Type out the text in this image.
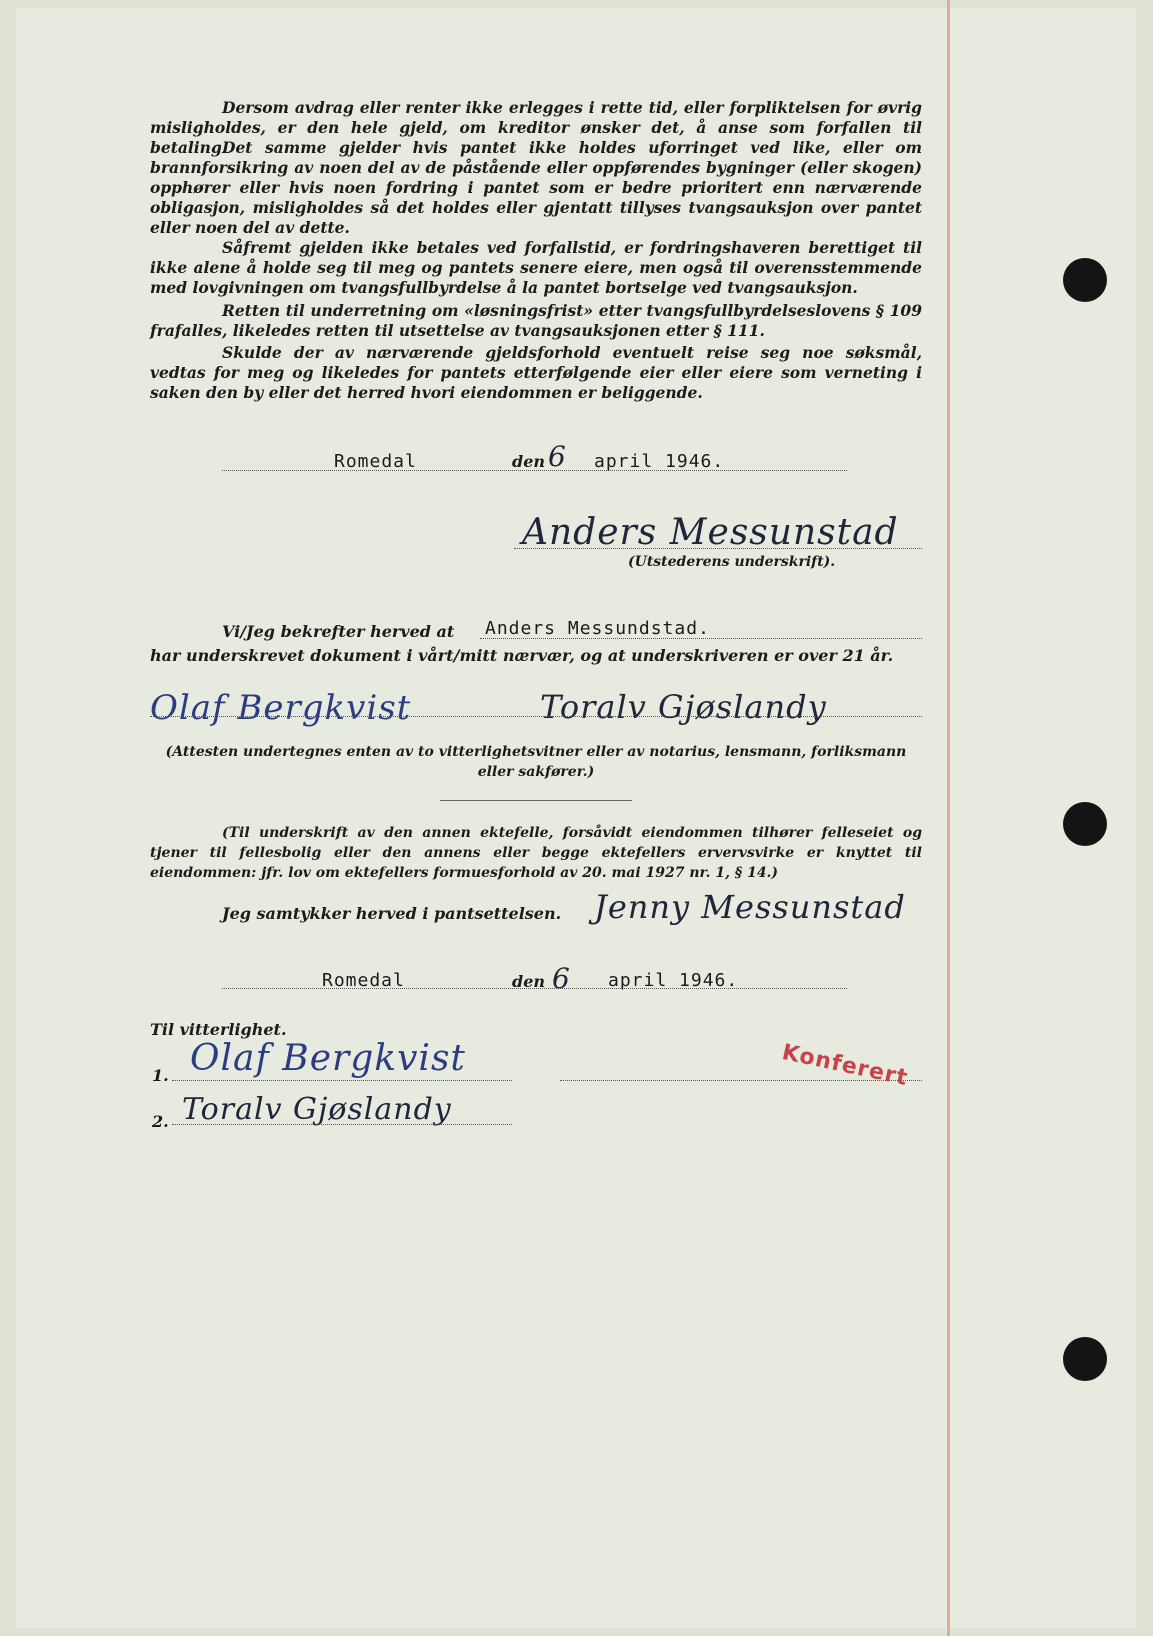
Dersom avdrag eller renter ikke erlegges i rette tid, eller forpliktelsen for øvrig misligholdes, er den hele gjeld, om kreditor ønsker det, å anse som forfallen til betaling.

Det samme gjelder hvis pantet ikke holdes uforringet ved like, eller om brannforsikring av noen del av de påstående eller oppførendes bygninger (eller skogen) opphører eller hvis noen fordring i pantet som er bedre prioritert enn nærværende obligasjon, misligholdes så det holdes eller gjentatt tillyses tvangsauksjon over pantet eller noen del av dette.

Såfremt gjelden ikke betales ved forfallstid, er fordringshaveren berettiget til ikke alene å holde seg til meg og pantets senere eiere, men også til overensstemmende med lovgivningen om tvangsfullbyrdelse å la pantet bortselge ved tvangsauksjon.

Retten til underretning om «løsningsfrist» etter tvangsfullbyrdelseslovens § 109 frafalles, likeledes retten til utsettelse av tvangsauksjonen etter § 111.

Skulde der av nærværende gjeldsforhold eventuelt reise seg noe søksmål, vedtas for meg og likeledes for pantets etterfølgende eier eller eiere som verneting i saken den by eller det herred hvori eiendommen er beliggende.

Romedal	den 6 april 1946.
Anders Messunstad
(Utstederens underskrift).
Vi/Jeg bekrefter herved at Anders Messundstad.
har underskrevet dokument i vårt/mitt nærvær, og at underskriveren er over 21 år.
Olaf Bergkvist	Toralv Gjøslandy
(Attesten undertegnes enten av to vitterlighetsvitner eller av notarius, lensmann, forliksmann eller sakfører.)
(Til underskrift av den annen ektefelle, forsåvidt eiendommen tilhører felleseiet og tjener til fellesbolig eller den annens eller begge ektefellers ervervsvirke er knyttet til eiendommen: jfr. lov om ektefellers formuesforhold av 20. mai 1927 nr. 1, § 14.)
Jeg samtykker herved i pantsettelsen. Jenny Messunstad
Romedal	den 6 april 1946.
Til vitterlighet.
1. Olaf Bergkvist
2. Toralv Gjøslandy
Konferert
